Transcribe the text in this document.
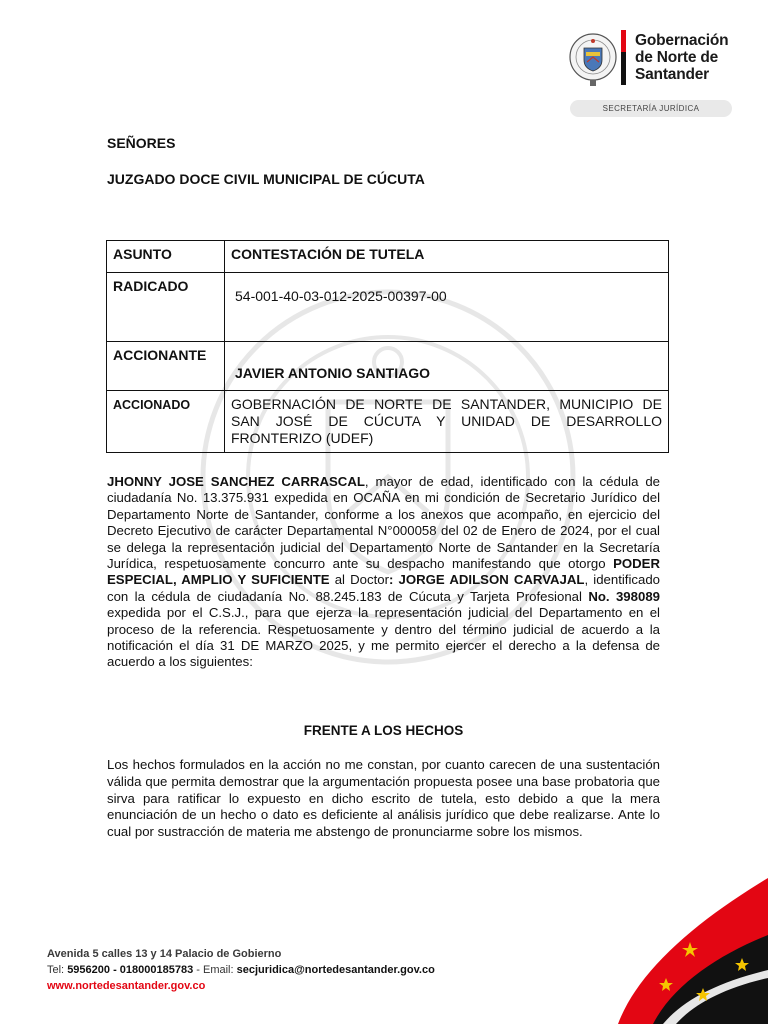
Gobernación
de Norte de
Santander
SECRETARÍA JURÍDICA
SEÑORES
JUZGADO DOCE CIVIL MUNICIPAL DE CÚCUTA
ASUNTO	CONTESTACIÓN DE TUTELA
RADICADO	54-001-40-03-012-2025-00397-00

ACCIONANTE	JAVIER ANTONIO SANTIAGO

ACCIONADO	GOBERNACIÓN DE NORTE DE SANTANDER, MUNICIPIO DE SAN JOSÉ DE CÚCUTA Y UNIDAD DE DESARROLLO FRONTERIZO (UDEF)
JHONNY JOSE SANCHEZ CARRASCAL, mayor de edad, identificado con la cédula de ciudadanía No. 13.375.931 expedida en OCAÑA en mi condición de Secretario Jurídico del Departamento Norte de Santander, conforme a los anexos que acompaño, en ejercicio del Decreto Ejecutivo de carácter Departamental N°000058 del 02 de Enero de 2024, por el cual se delega la representación judicial del Departamento Norte de Santander en la Secretaría Jurídica, respetuosamente concurro ante su despacho manifestando que otorgo PODER ESPECIAL, AMPLIO Y SUFICIENTE al Doctor: JORGE ADILSON CARVAJAL, identificado con la cédula de ciudadanía No. 88.245.183 de Cúcuta y Tarjeta Profesional No. 398089 expedida por el C.S.J., para que ejerza la representación judicial del Departamento en el proceso de la referencia. Respetuosamente y dentro del término judicial de acuerdo a la notificación el día 31 DE MARZO 2025, y me permito ejercer el derecho a la defensa de acuerdo a los siguientes:
FRENTE A LOS HECHOS
Los hechos formulados en la acción no me constan, por cuanto carecen de una sustentación válida que permita demostrar que la argumentación propuesta posee una base probatoria que sirva para ratificar lo expuesto en dicho escrito de tutela, esto debido a que la mera enunciación de un hecho o dato es deficiente al análisis jurídico que debe realizarse. Ante lo cual por sustracción de materia me abstengo de pronunciarme sobre los mismos.
Avenida 5 calles 13 y 14 Palacio de Gobierno
Tel: 5956200 - 018000185783 - Email: secjuridica@nortedesantander.gov.co
www.nortedesantander.gov.co
